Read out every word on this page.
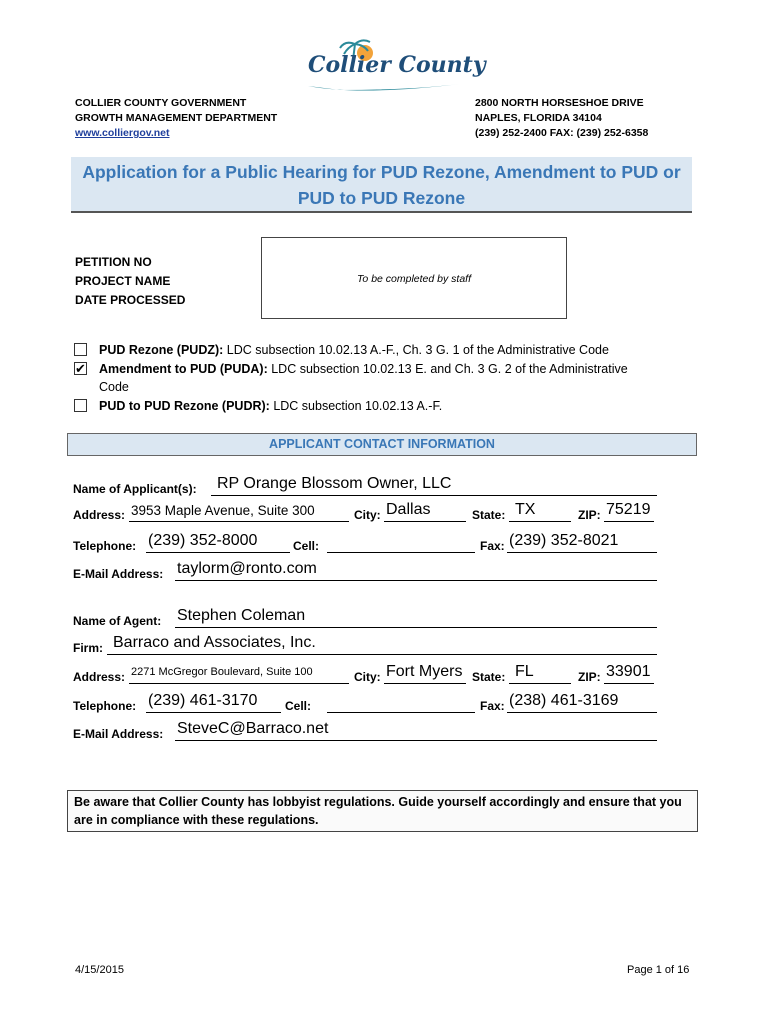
Collier County
COLLIER COUNTY GOVERNMENT
GROWTH MANAGEMENT DEPARTMENT
www.colliergov.net
2800 NORTH HORSESHOE DRIVE
NAPLES, FLORIDA 34104
(239) 252-2400 FAX: (239) 252-6358
Application for a Public Hearing for PUD Rezone, Amendment to PUD or
PUD to PUD Rezone
PETITION NO
PROJECT NAME
DATE PROCESSED
To be completed by staff
PUD Rezone (PUDZ): LDC subsection 10.02.13 A.-F., Ch. 3 G. 1 of the Administrative Code
✔ Amendment to PUD (PUDA): LDC subsection 10.02.13 E. and Ch. 3 G. 2 of the Administrative
Code
PUD to PUD Rezone (PUDR): LDC subsection 10.02.13 A.-F.
APPLICANT CONTACT INFORMATION
Name of Applicant(s):	RP Orange Blossom Owner, LLC
Address: 3953 Maple Avenue, Suite 300	City: Dallas	State: TX	ZIP: 75219
Telephone: (239) 352-8000	Cell:	Fax: (239) 352-8021
E-Mail Address: taylorm@ronto.com
Name of Agent: Stephen Coleman
Firm: Barraco and Associates, Inc.
Address: 2271 McGregor Boulevard, Suite 100	City: Fort Myers State: FL	ZIP: 33901
Telephone: (239) 461-3170	Cell:	Fax: (238) 461-3169
E-Mail Address: SteveC@Barraco.net
Be aware that Collier County has lobbyist regulations. Guide yourself accordingly and ensure that you are in compliance with these regulations.
4/15/2015	Page 1 of 16
